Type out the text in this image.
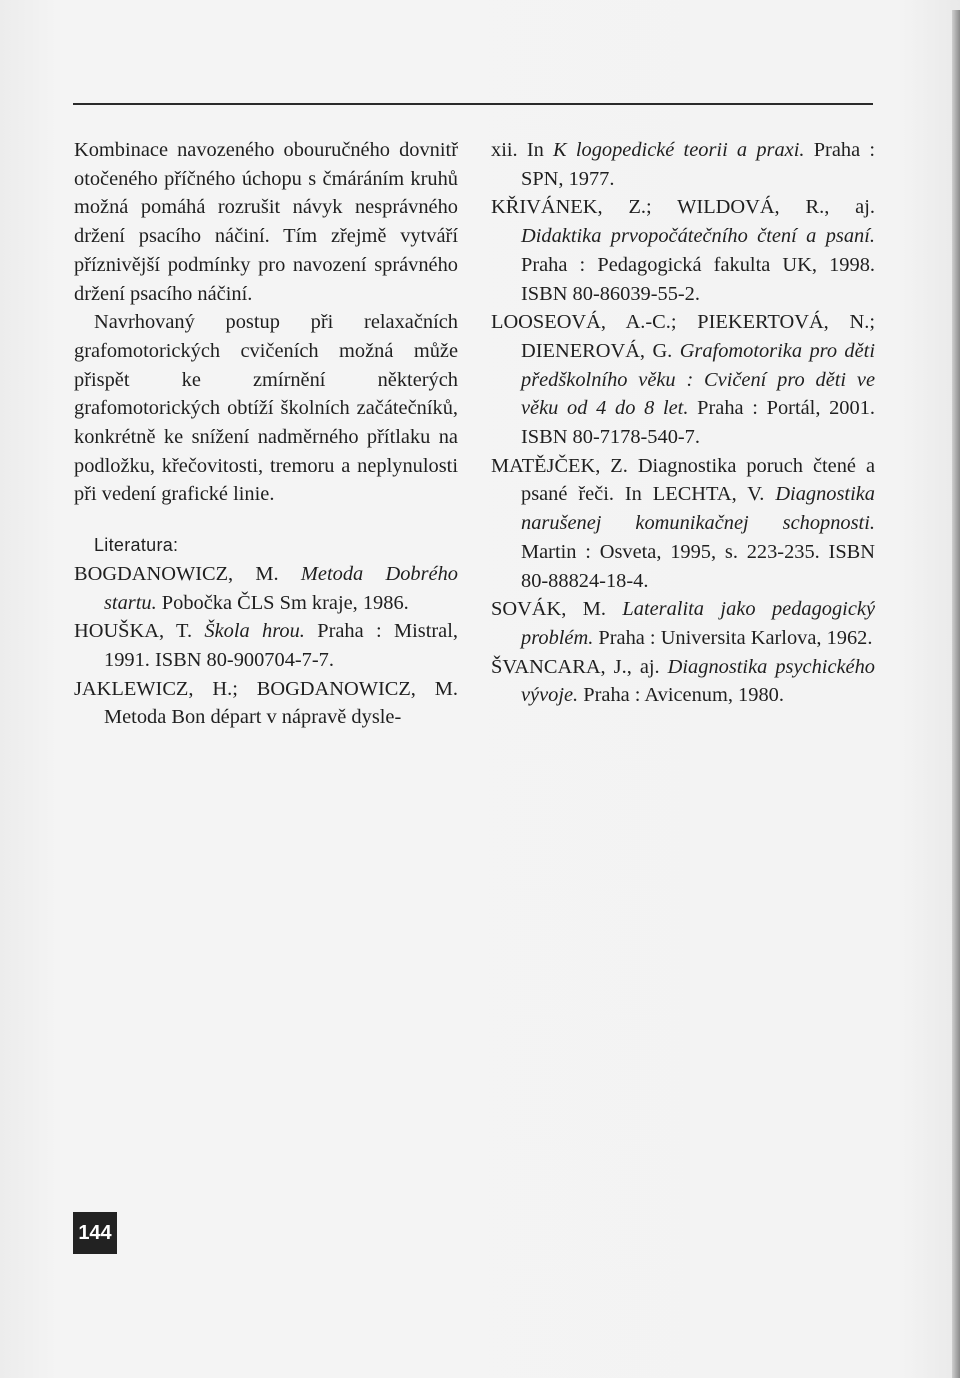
Kombinace navozeného obouručného dovnitř otočeného příčného úchopu s čmáráním kruhů možná pomáhá rozrušit návyk nesprávného držení psacího náčiní. Tím zřejmě vytváří příznivější podmínky pro navození správného držení psacího náčiní.

Navrhovaný postup při relaxačních grafomotorických cvičeních možná může přispět ke zmírnění některých grafomotorických obtíží školních začátečníků, konkrétně ke snížení nadměrného přítlaku na podložku, křečovitosti, tremoru a neplynulosti při vedení grafické linie.

Literatura:

BOGDANOWICZ, M. Metoda Dobrého startu. Pobočka ČLS Sm kraje, 1986.

HOUŠKA, T. Škola hrou. Praha : Mistral, 1991. ISBN 80-900704-7-7.

JAKLEWICZ, H.; BOGDANOWICZ, M. Metoda Bon départ v nápravě dysle-

xii. In K logopedické teorii a praxi. Praha : SPN, 1977.

KŘIVÁNEK, Z.; WILDOVÁ, R., aj. Didaktika prvopočátečního čtení a psaní. Praha : Pedagogická fakulta UK, 1998. ISBN 80-86039-55-2.

LOOSEOVÁ, A.-C.; PIEKERTOVÁ, N.; DIENEROVÁ, G. Grafomotorika pro děti předškolního věku : Cvičení pro děti ve věku od 4 do 8 let. Praha : Portál, 2001. ISBN 80-7178-540-7.

MATĚJČEK, Z. Diagnostika poruch čtené a psané řeči. In LECHTA, V. Diagnostika narušenej komunikačnej schopnosti. Martin : Osveta, 1995, s. 223-235. ISBN 80-88824-18-4.

SOVÁK, M. Lateralita jako pedagogický problém. Praha : Universita Karlova, 1962.

ŠVANCARA, J., aj. Diagnostika psychického vývoje. Praha : Avicenum, 1980.

144
